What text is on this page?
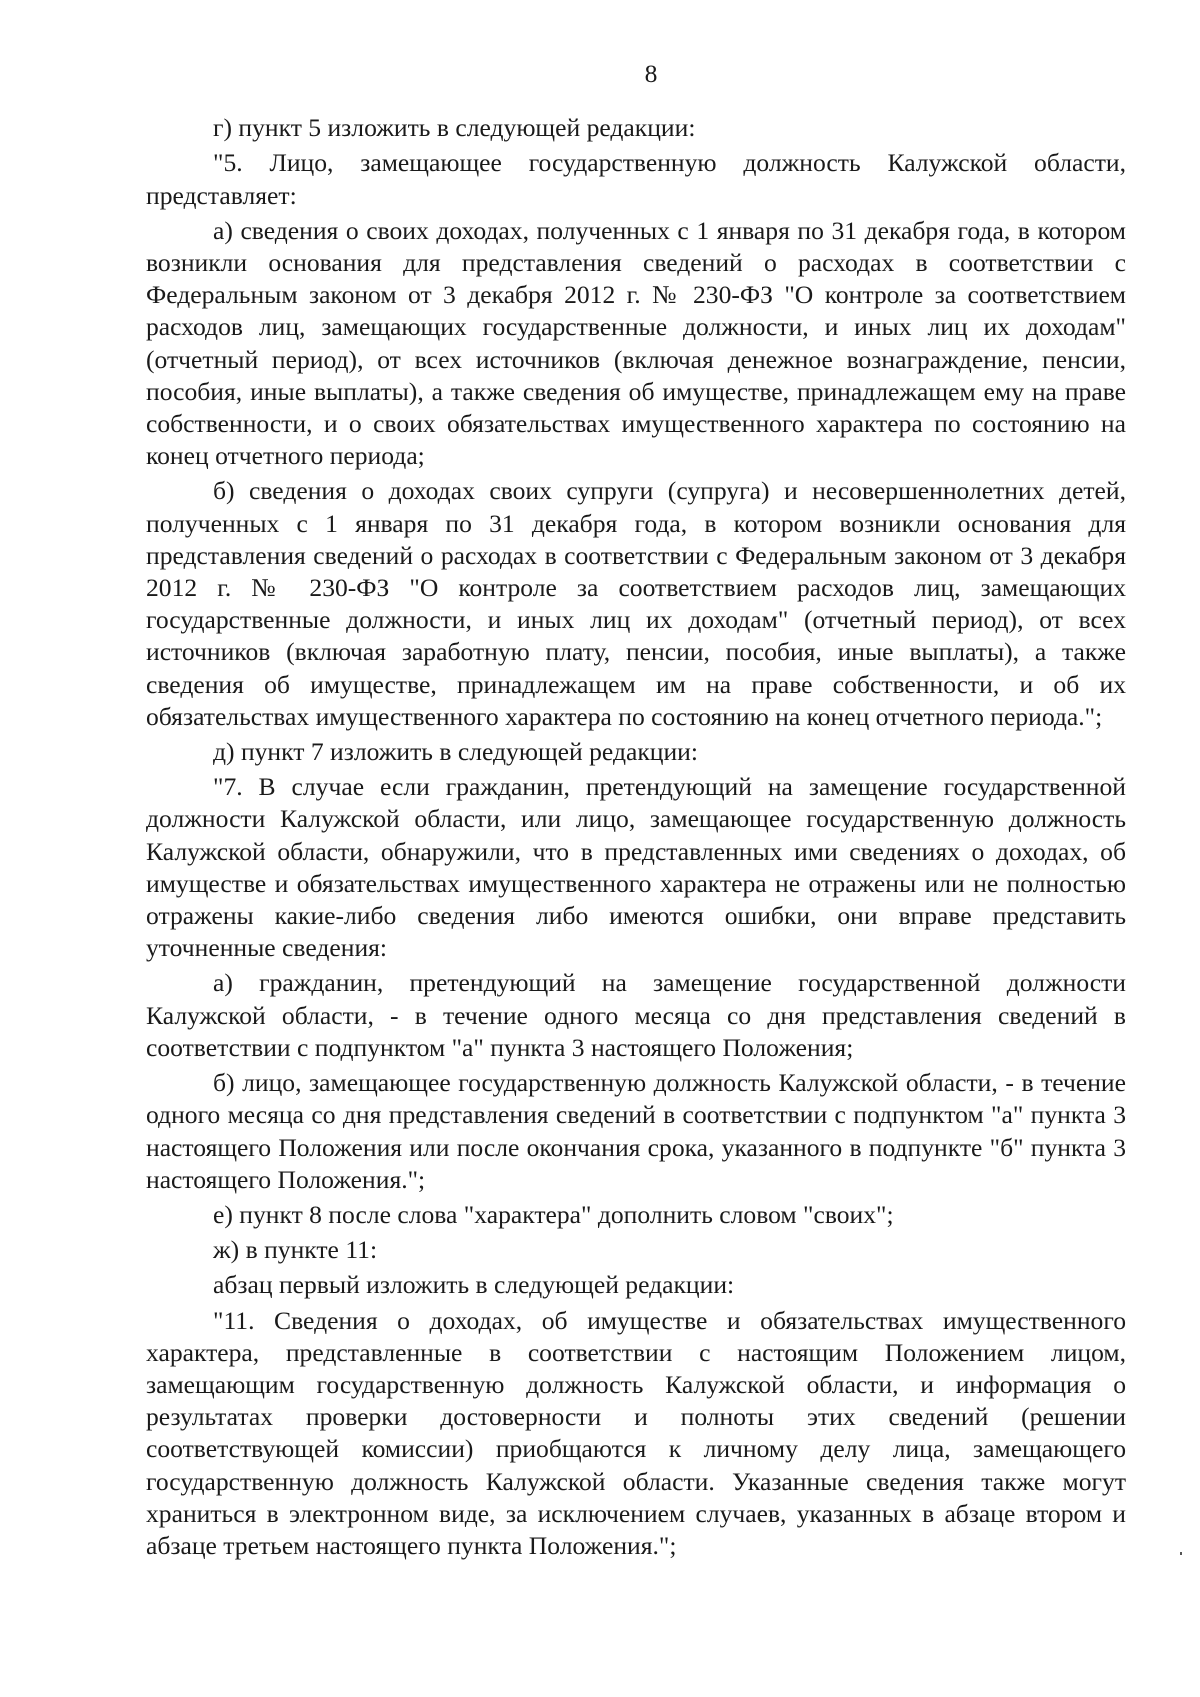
8

г) пункт 5 изложить в следующей редакции:

"5. Лицо, замещающее государственную должность Калужской области, представляет:

а) сведения о своих доходах, полученных с 1 января по 31 декабря года, в котором возникли основания для представления сведений о расходах в соответствии с Федеральным законом от 3 декабря 2012 г. № 230-ФЗ "О контроле за соответствием расходов лиц, замещающих государственные должности, и иных лиц их доходам" (отчетный период), от всех источников (включая денежное вознаграждение, пенсии, пособия, иные выплаты), а также сведения об имуществе, принадлежащем ему на праве собственности, и о своих обязательствах имущественного характера по состоянию на конец отчетного периода;

б) сведения о доходах своих супруги (супруга) и несовершеннолетних детей, полученных с 1 января по 31 декабря года, в котором возникли основания для представления сведений о расходах в соответствии с Федеральным законом от 3 декабря 2012 г. № 230-ФЗ "О контроле за соответствием расходов лиц, замещающих государственные должности, и иных лиц их доходам" (отчетный период), от всех источников (включая заработную плату, пенсии, пособия, иные выплаты), а также сведения об имуществе, принадлежащем им на праве собственности, и об их обязательствах имущественного характера по состоянию на конец отчетного периода.";

д) пункт 7 изложить в следующей редакции:

"7. В случае если гражданин, претендующий на замещение государственной должности Калужской области, или лицо, замещающее государственную должность Калужской области, обнаружили, что в представленных ими сведениях о доходах, об имуществе и обязательствах имущественного характера не отражены или не полностью отражены какие-либо сведения либо имеются ошибки, они вправе представить уточненные сведения:

а) гражданин, претендующий на замещение государственной должности Калужской области, - в течение одного месяца со дня представления сведений в соответствии с подпунктом "а" пункта 3 настоящего Положения;

б) лицо, замещающее государственную должность Калужской области, - в течение одного месяца со дня представления сведений в соответствии с подпунктом "а" пункта 3 настоящего Положения или после окончания срока, указанного в подпункте "б" пункта 3 настоящего Положения.";

е) пункт 8 после слова "характера" дополнить словом "своих";

ж) в пункте 11:

абзац первый изложить в следующей редакции:

"11. Сведения о доходах, об имуществе и обязательствах имущественного характера, представленные в соответствии с настоящим Положением лицом, замещающим государственную должность Калужской области, и информация о результатах проверки достоверности и полноты этих сведений (решении соответствующей комиссии) приобщаются к личному делу лица, замещающего государственную должность Калужской области. Указанные сведения также могут храниться в электронном виде, за исключением случаев, указанных в абзаце втором и абзаце третьем настоящего пункта Положения.";
